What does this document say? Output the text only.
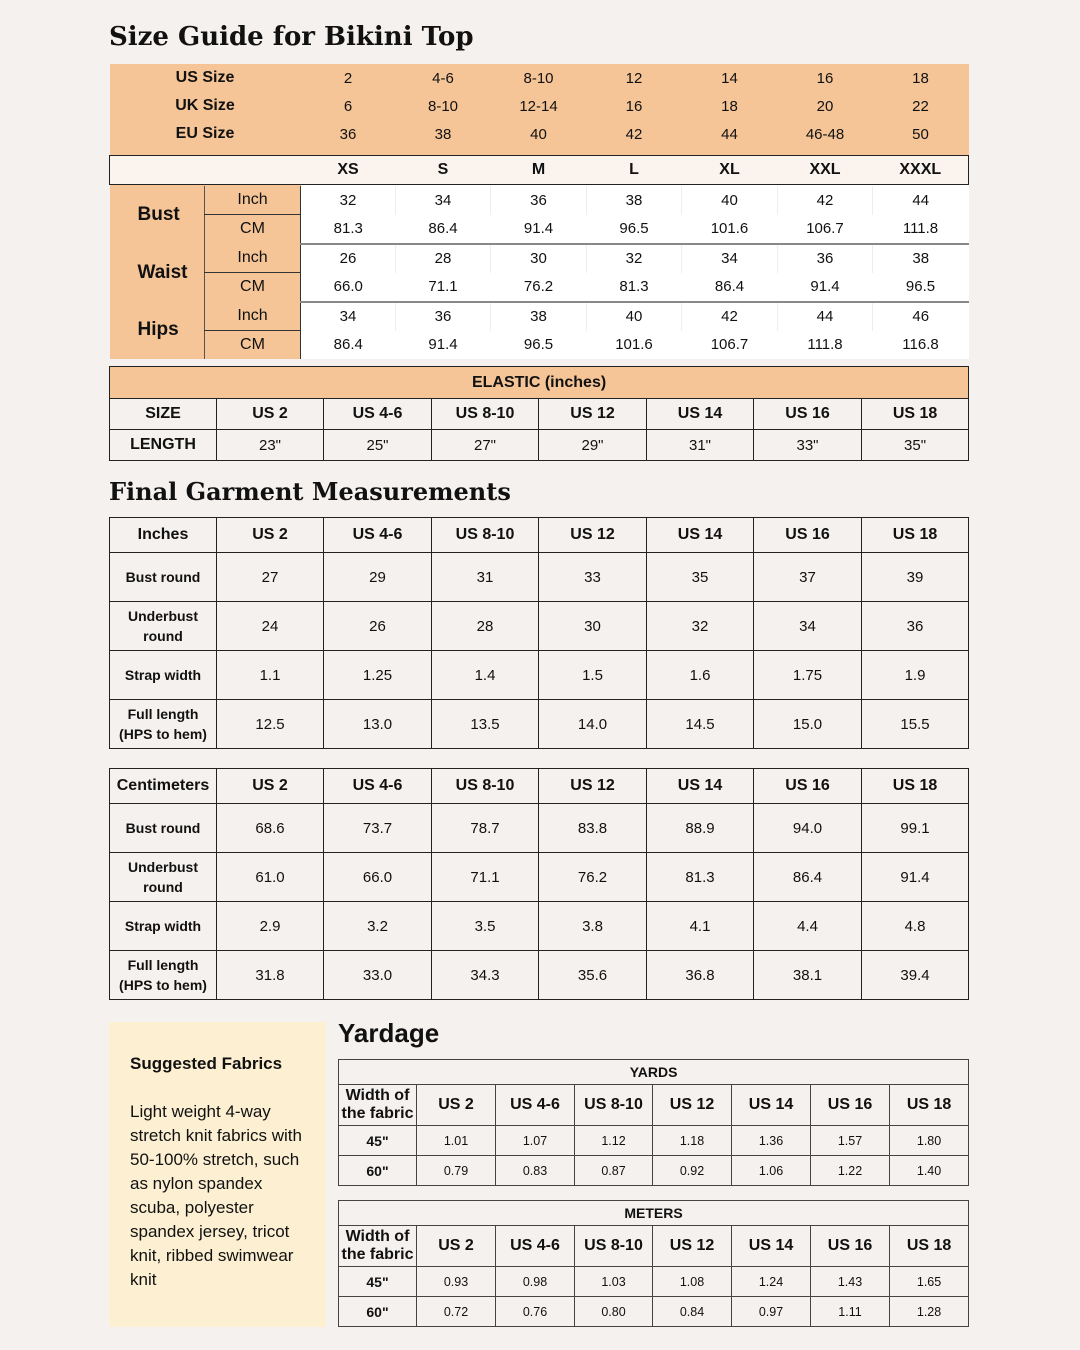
Size Guide for Bikini Top
US Size		2	4-6	8-10	12	14	16	18
UK Size		6	8-10	12-14	16	18	20	22
EU Size		36	38	40	42	44	46-48	50

		XS	S	M	L	XL	XXL	XXXL

Bust	Inch	32	34	36	38	40	42	44
	CM	81.3	86.4	91.4	96.5	101.6	106.7	111.8
Waist	Inch	26	28	30	32	34	36	38
	CM	66.0	71.1	76.2	81.3	86.4	91.4	96.5
Hips	Inch	34	36	38	40	42	44	46
	CM	86.4	91.4	96.5	101.6	106.7	111.8	116.8
ELASTIC (inches)							
SIZE	US 2	US 4-6	US 8-10	US 12	US 14	US 16	US 18
LENGTH	23"	25"	27"	29"	31"	33"	35"
Final Garment Measurements
Inches	US 2	US 4-6	US 8-10	US 12	US 14	US 16	US 18
Bust round	27	29	31	33	35	37	39
Underbust
round	24	26	28	30	32	34	36
Strap width	1.1	1.25	1.4	1.5	1.6	1.75	1.9
Full length
(HPS to hem)	12.5	13.0	13.5	14.0	14.5	15.0	15.5
Centimeters	US 2	US 4-6	US 8-10	US 12	US 14	US 16	US 18
Bust round	68.6	73.7	78.7	83.8	88.9	94.0	99.1
Underbust
round	61.0	66.0	71.1	76.2	81.3	86.4	91.4
Strap width	2.9	3.2	3.5	3.8	4.1	4.4	4.8
Full length
(HPS to hem)	31.8	33.0	34.3	35.6	36.8	38.1	39.4
Suggested Fabrics
Light weight 4-way stretch knit fabrics with 50-100% stretch, such as nylon spandex scuba, polyester spandex jersey, tricot knit, ribbed swimwear knit
Yardage
YARDS							
Width of
the fabric	US 2	US 4-6	US 8-10	US 12	US 14	US 16	US 18
45"	1.01	1.07	1.12	1.18	1.36	1.57	1.80
60"	0.79	0.83	0.87	0.92	1.06	1.22	1.40
METERS							
Width of
the fabric	US 2	US 4-6	US 8-10	US 12	US 14	US 16	US 18
45"	0.93	0.98	1.03	1.08	1.24	1.43	1.65
60"	0.72	0.76	0.80	0.84	0.97	1.11	1.28
